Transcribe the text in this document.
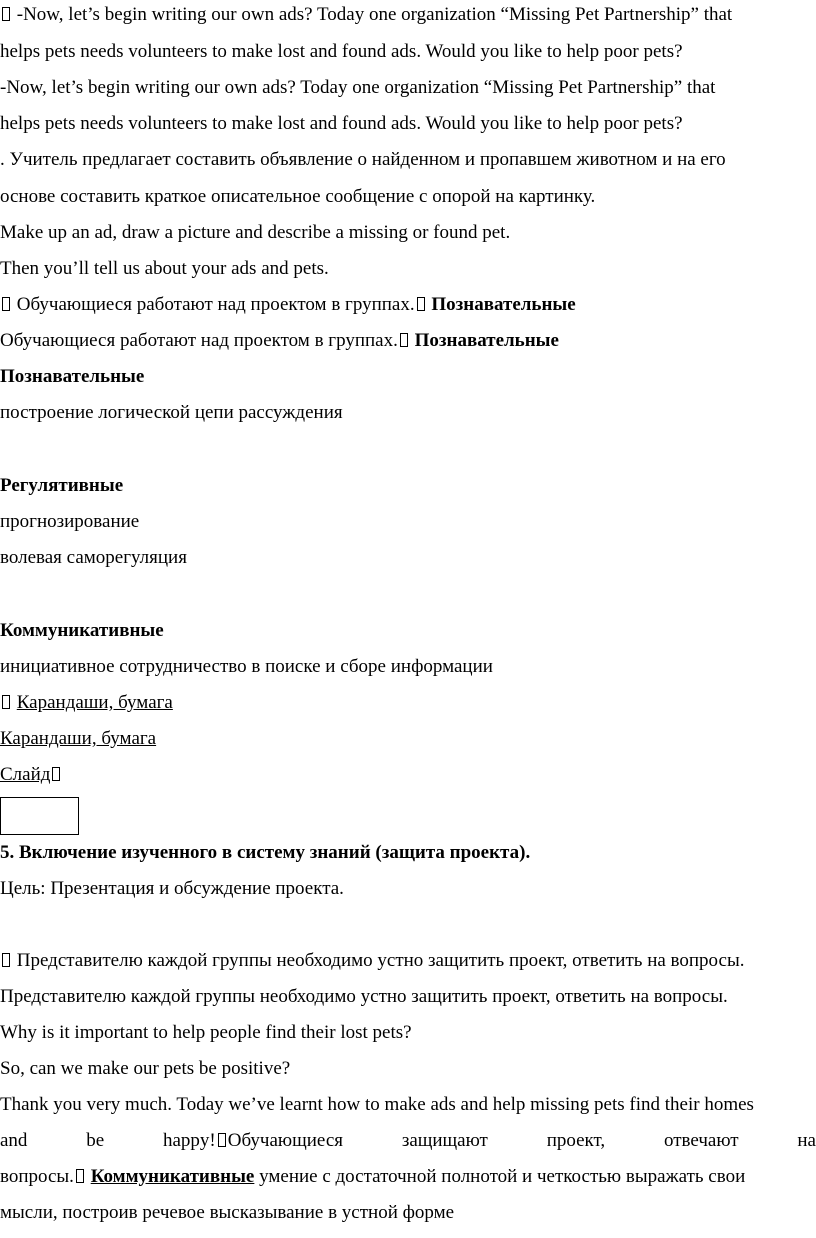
-Now, let’s begin writing our own ads? Today one organization “Missing Pet Partnership” that
helps pets needs volunteers to make lost and found ads. Would you like to help poor pets?
-Now, let’s begin writing our own ads? Today one organization “Missing Pet Partnership” that
helps pets needs volunteers to make lost and found ads. Would you like to help poor pets?
. Учитель предлагает составить объявление о найденном и пропавшем животном и на его
основе составить краткое описательное сообщение с опорой на картинку.
Make up an ad, draw a picture and describe a missing or found pet.
Then you’ll tell us about your ads and pets.
Обучающиеся работают над проектом в группах. Познавательные
Обучающиеся работают над проектом в группах. Познавательные
Познавательные
построение логической цепи рассуждения
Регулятивные
прогнозирование
волевая саморегуляция
Коммуникативные
инициативное сотрудничество в поиске и сборе информации
Карандаши, бумага
Карандаши, бумага
Слайд
5. Включение изученного в систему знаний (защита проекта).
Цель: Презентация и обсуждение проекта.
Представителю каждой группы необходимо устно защитить проект, ответить на вопросы.
Представителю каждой группы необходимо устно защитить проект, ответить на вопросы.
Why is it important to help people find their lost pets?
So, can we make our pets be positive?
Thank you very much. Today we’ve learnt how to make ads and help missing pets find their homes
and	be	happy! Обучающиеся	защищают	проект,	отвечают	на
вопросы. Коммуникативные умение с достаточной полнотой и четкостью выражать свои
мысли, построив речевое высказывание в устной форме
